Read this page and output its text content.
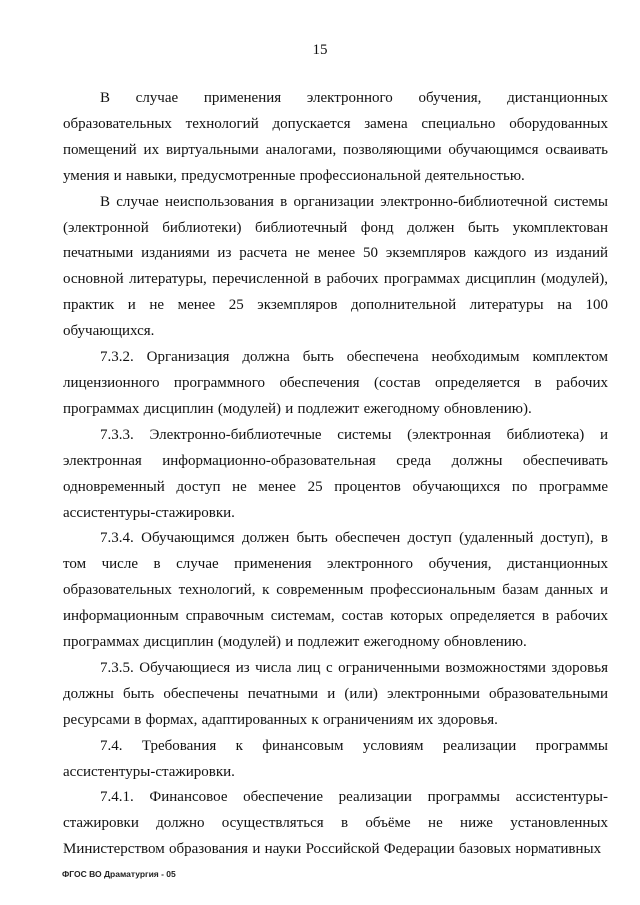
15

В случае применения электронного обучения, дистанционных образовательных технологий допускается замена специально оборудованных помещений их виртуальными аналогами, позволяющими обучающимся осваивать умения и навыки, предусмотренные профессиональной деятельностью.

В случае неиспользования в организации электронно-библиотечной системы (электронной библиотеки) библиотечный фонд должен быть укомплектован печатными изданиями из расчета не менее 50 экземпляров каждого из изданий основной литературы, перечисленной в рабочих программах дисциплин (модулей), практик и не менее 25 экземпляров дополнительной литературы на 100 обучающихся.

7.3.2. Организация должна быть обеспечена необходимым комплектом лицензионного программного обеспечения (состав определяется в рабочих программах дисциплин (модулей) и подлежит ежегодному обновлению).

7.3.3. Электронно-библиотечные системы (электронная библиотека) и электронная информационно-образовательная среда должны обеспечивать одновременный доступ не менее 25 процентов обучающихся по программе ассистентуры-стажировки.

7.3.4. Обучающимся должен быть обеспечен доступ (удаленный доступ), в том числе в случае применения электронного обучения, дистанционных образовательных технологий, к современным профессиональным базам данных и информационным справочным системам, состав которых определяется в рабочих программах дисциплин (модулей) и подлежит ежегодному обновлению.

7.3.5. Обучающиеся из числа лиц с ограниченными возможностями здоровья должны быть обеспечены печатными и (или) электронными образовательными ресурсами в формах, адаптированных к ограничениям их здоровья.

7.4. Требования к финансовым условиям реализации программы ассистентуры-стажировки.

7.4.1. Финансовое обеспечение реализации программы ассистентуры-стажировки должно осуществляться в объёме не ниже установленных Министерством образования и науки Российской Федерации базовых нормативных

ФГОС ВО Драматургия - 05
